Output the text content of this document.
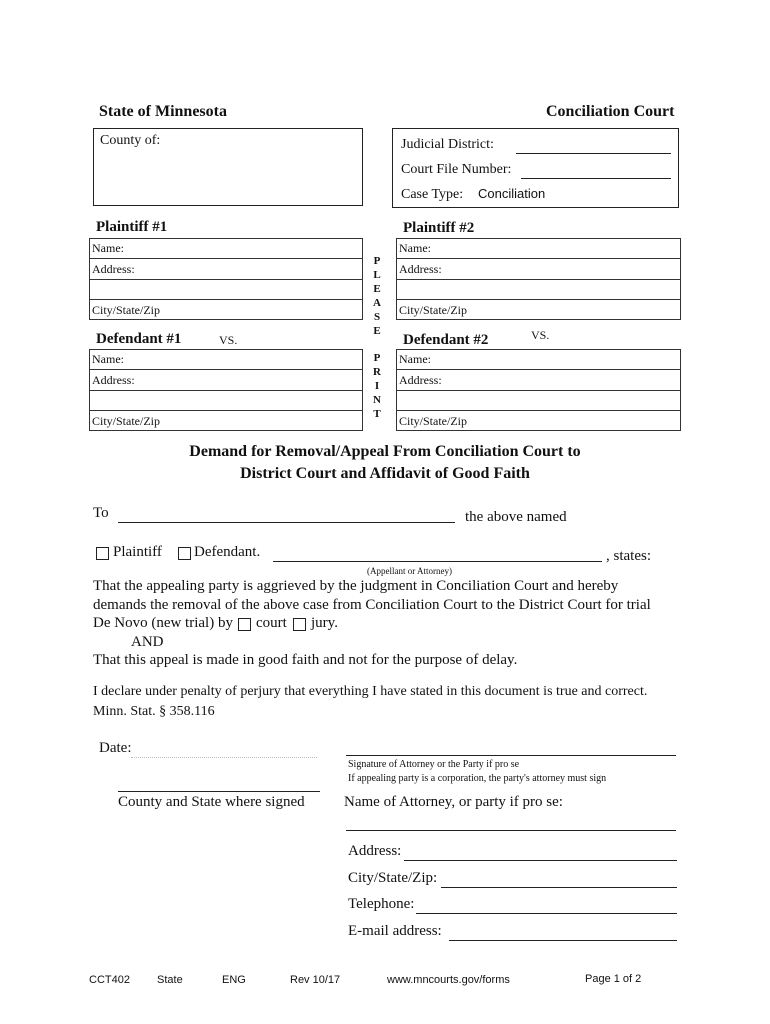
State of Minnesota	Conciliation Court
County of:	Judicial District:
Court File Number:
Case Type: Conciliation
Plaintiff #1	Plaintiff #2
Name:
Address:
City/State/Zip
Name:
Address:
City/State/Zip
P
L
E
A
S
E
P
R
I
N
T
Defendant #1	VS.	Defendant #2	VS.
Name:
Address:
City/State/Zip
Name:
Address:
City/State/Zip
Demand for Removal/Appeal From Conciliation Court to
District Court and Affidavit of Good Faith
To	the above named
Plaintiff Defendant.	, states:
(Appellant or Attorney)
That the appealing party is aggrieved by the judgment in Conciliation Court and hereby
demands the removal of the above case from Conciliation Court to the District Court for trial
De Novo (new trial) by court jury.
AND
That this appeal is made in good faith and not for the purpose of delay.
I declare under penalty of perjury that everything I have stated in this document is true and correct.
Minn. Stat. § 358.116
Date:
County and State where signed
Signature of Attorney or the Party if pro se
If appealing party is a corporation, the party's attorney must sign
Name of Attorney, or party if pro se:
Address:
City/State/Zip:
Telephone:
E-mail address:
CCT402 State	ENG	Rev 10/17	www.mncourts.gov/forms	Page 1 of 2
